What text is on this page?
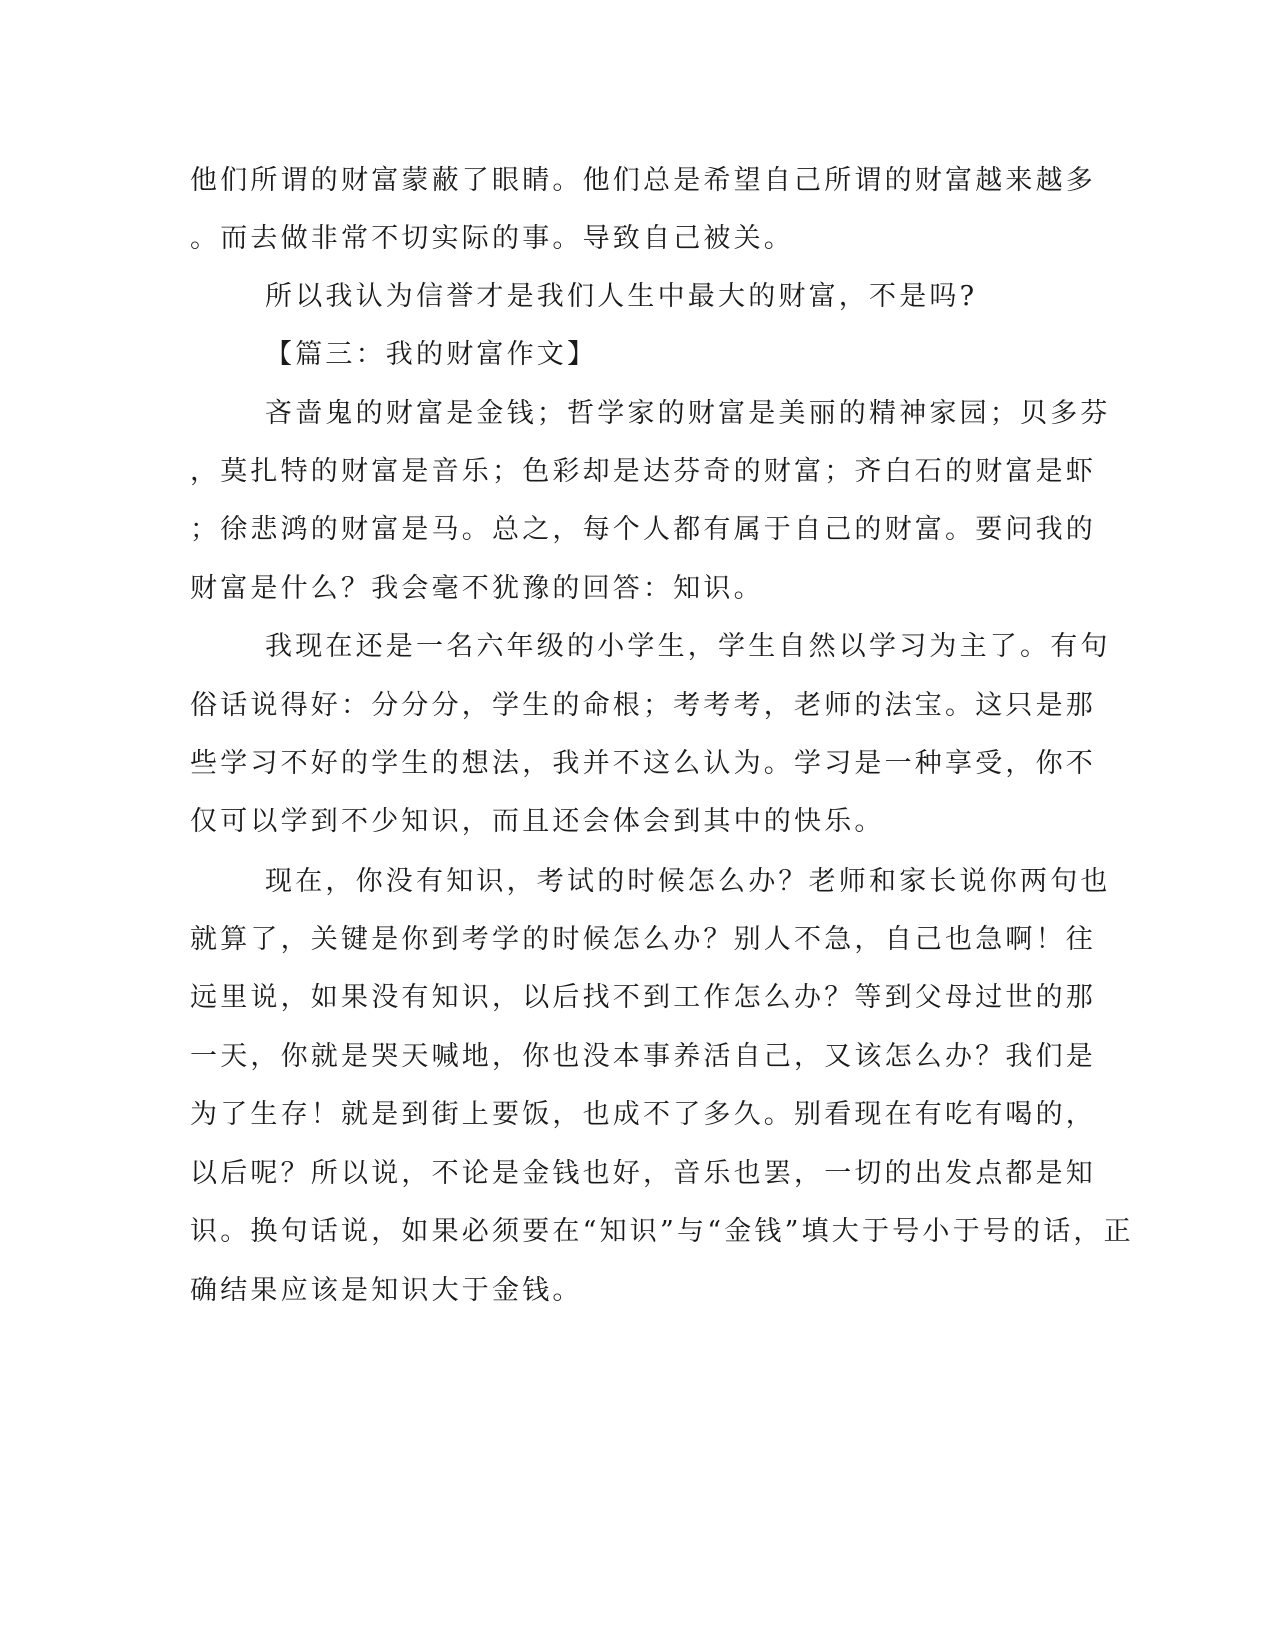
他们所谓的财富蒙蔽了眼睛。他们总是希望自己所谓的财富越来越多
。而去做非常不切实际的事。导致自己被关。
所以我认为信誉才是我们人生中最大的财富，不是吗?
【篇三：我的财富作文】
吝啬鬼的财富是金钱；哲学家的财富是美丽的精神家园；贝多芬
，莫扎特的财富是音乐；色彩却是达芬奇的财富；齐白石的财富是虾
；徐悲鸿的财富是马。总之，每个人都有属于自己的财富。要问我的
财富是什么？我会毫不犹豫的回答：知识。
我现在还是一名六年级的小学生，学生自然以学习为主了。有句
俗话说得好：分分分，学生的命根；考考考，老师的法宝。这只是那
些学习不好的学生的想法，我并不这么认为。学习是一种享受，你不
仅可以学到不少知识，而且还会体会到其中的快乐。
现在，你没有知识，考试的时候怎么办？老师和家长说你两句也
就算了，关键是你到考学的时候怎么办？别人不急，自己也急啊！往
远里说，如果没有知识，以后找不到工作怎么办？等到父母过世的那
一天，你就是哭天喊地，你也没本事养活自己，又该怎么办？我们是
为了生存！就是到街上要饭，也成不了多久。别看现在有吃有喝的，
以后呢？所以说，不论是金钱也好，音乐也罢，一切的出发点都是知
识。换句话说，如果必须要在“知识”与“金钱”填大于号小于号的话，正
确结果应该是知识大于金钱。
